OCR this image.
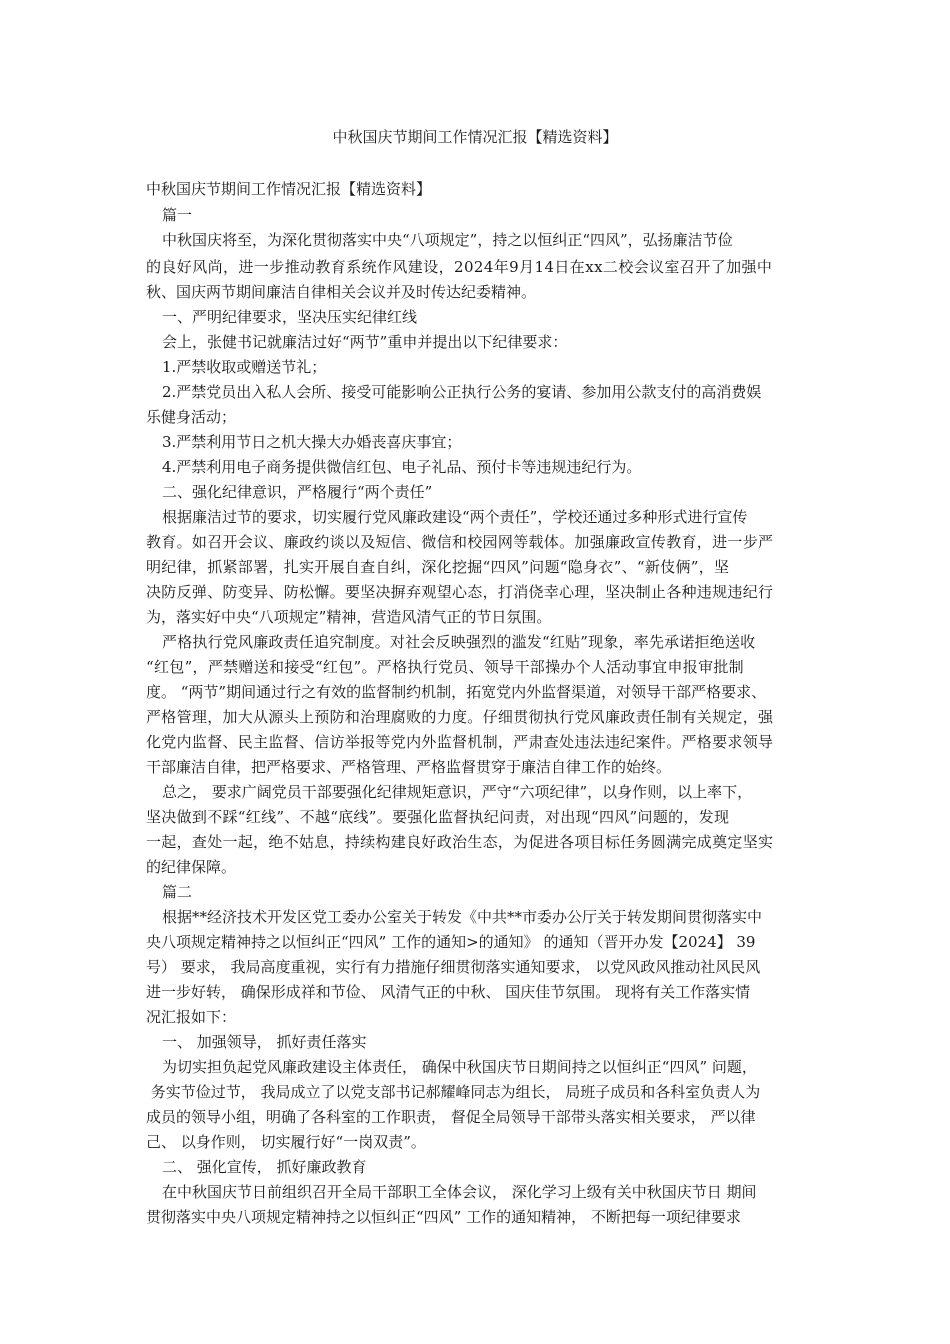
中秋国庆节期间工作情况汇报【精选资料】
中秋国庆节期间工作情况汇报【精选资料】
篇一
中秋国庆将至，为深化贯彻落实中央“八项规定”，持之以恒纠正“四风”，弘扬廉洁节俭
的良好风尚，进一步推动教育系统作风建设，2024年9月14日在xx二校会议室召开了加强中
秋、国庆两节期间廉洁自律相关会议并及时传达纪委精神。
一、严明纪律要求，坚决压实纪律红线
会上，张健书记就廉洁过好“两节”重申并提出以下纪律要求：
1.严禁收取或赠送节礼；
2.严禁党员出入私人会所、接受可能影响公正执行公务的宴请、参加用公款支付的高消费娱
乐健身活动；
3.严禁利用节日之机大操大办婚丧喜庆事宜；
4.严禁利用电子商务提供微信红包、电子礼品、预付卡等违规违纪行为。
二、强化纪律意识，严格履行“两个责任”
根据廉洁过节的要求，切实履行党风廉政建设“两个责任”，学校还通过多种形式进行宣传
教育。如召开会议、廉政约谈以及短信、微信和校园网等载体。加强廉政宣传教育，进一步严
明纪律，抓紧部署，扎实开展自查自纠，深化挖掘“四风”问题“隐身衣”、“新伎俩”，坚
决防反弹、防变异、防松懈。要坚决摒弃观望心态，打消侥幸心理，坚决制止各种违规违纪行
为，落实好中央“八项规定”精神，营造风清气正的节日氛围。
严格执行党风廉政责任追究制度。对社会反映强烈的滥发“红贴”现象，率先承诺拒绝送收
“红包”，严禁赠送和接受“红包”。严格执行党员、领导干部操办个人活动事宜申报审批制
度。 “两节”期间通过行之有效的监督制约机制，拓宽党内外监督渠道，对领导干部严格要求、
严格管理，加大从源头上预防和治理腐败的力度。仔细贯彻执行党风廉政责任制有关规定，强
化党内监督、民主监督、信访举报等党内外监督机制，严肃查处违法违纪案件。严格要求领导
干部廉洁自律，把严格要求、严格管理、严格监督贯穿于廉洁自律工作的始终。
总之， 要求广阔党员干部要强化纪律规矩意识，严守“六项纪律”，以身作则，以上率下，
坚决做到不踩“红线”、不越“底线”。要强化监督执纪问责，对出现“四风”问题的，发现
一起，查处一起，绝不姑息，持续构建良好政治生态，为促进各项目标任务圆满完成奠定坚实
的纪律保障。
篇二
根据**经济技术开发区党工委办公室关于转发《中共**市委办公厅关于转发期间贯彻落实中
央八项规定精神持之以恒纠正“四风” 工作的通知>的通知》 的通知（晋开办发【2024】 39
号） 要求， 我局高度重视，实行有力措施仔细贯彻落实通知要求， 以党风政风推动社风民风
进一步好转， 确保形成祥和节俭、 风清气正的中秋、 国庆佳节氛围。 现将有关工作落实情
况汇报如下：
一、 加强领导， 抓好责任落实
为切实担负起党风廉政建设主体责任， 确保中秋国庆节日期间持之以恒纠正“四风” 问题，
务实节俭过节， 我局成立了以党支部书记郝耀峰同志为组长， 局班子成员和各科室负责人为
成员的领导小组，明确了各科室的工作职责， 督促全局领导干部带头落实相关要求， 严以律
己、 以身作则， 切实履行好“一岗双责”。
二、 强化宣传， 抓好廉政教育
在中秋国庆节日前组织召开全局干部职工全体会议， 深化学习上级有关中秋国庆节日 期间
贯彻落实中央八项规定精神持之以恒纠正“四风” 工作的通知精神， 不断把每一项纪律要求
